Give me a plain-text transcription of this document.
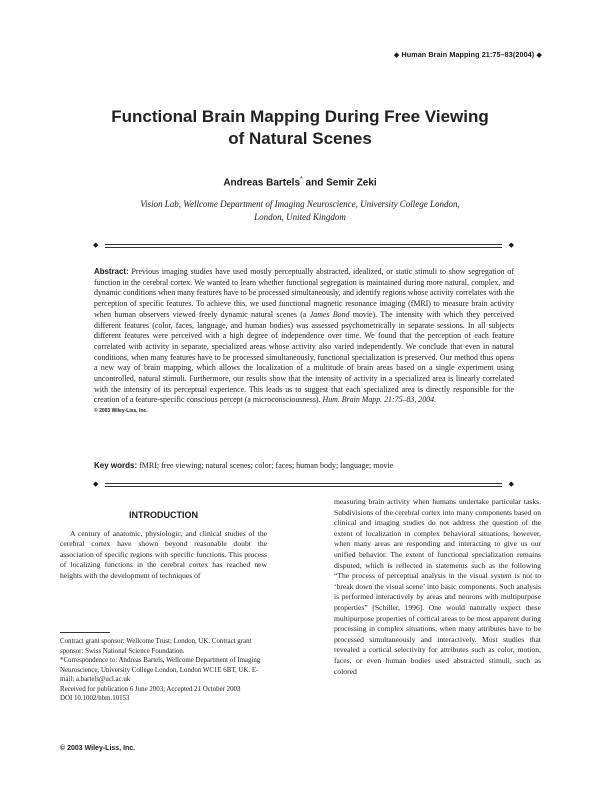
◆ Human Brain Mapping 21:75–83(2004) ◆
Functional Brain Mapping During Free Viewing
of Natural Scenes
Andreas Bartels* and Semir Zeki
Vision Lab, Wellcome Department of Imaging Neuroscience, University College London,
London, United Kingdom
◆	◆
Abstract: Previous imaging studies have used mostly perceptually abstracted, idealized, or static stimuli to show segregation of function in the cerebral cortex. We wanted to learn whether functional segregation is maintained during more natural, complex, and dynamic conditions when many features have to be processed simultaneously, and identify regions whose activity correlates with the perception of specific features. To achieve this, we used functional magnetic resonance imaging (fMRI) to measure brain activity when human observers viewed freely dynamic natural scenes (a James Bond movie). The intensity with which they perceived different features (color, faces, language, and human bodies) was assessed psychometrically in separate sessions. In all subjects different features were perceived with a high degree of independence over time. We found that the perception of each feature correlated with activity in separate, specialized areas whose activity also varied independently. We conclude that even in natural conditions, when many features have to be processed simultaneously, functional specialization is preserved. Our method thus opens a new way of brain mapping, which allows the localization of a multitude of brain areas based on a single experiment using uncontrolled, natural stimuli. Furthermore, our results show that the intensity of activity in a specialized area is linearly correlated with the intensity of its perceptual experience. This leads us to suggest that each specialized area is directly responsible for the creation of a feature-specific conscious percept (a microconsciousness). Hum. Brain Mapp. 21:75–83, 2004.
© 2003 Wiley-Liss, Inc.
Key words: fMRI; free viewing; natural scenes; color; faces; human body; language; movie
◆	◆
INTRODUCTION

A century of anatomic, physiologic, and clinical studies of the cerebral cortex have shown beyond reasonable doubt the association of specific regions with specific functions. This process of localizing functions in the cerebral cortex has reached new heights with the development of techniques of

measuring brain activity when humans undertake particular tasks. Subdivisions of the cerebral cortex into many components based on clinical and imaging studies do not address the question of the extent of localization in complex behavioral situations, however, when many areas are responding and interacting to give us our unified behavior. The extent of functional specialization remains disputed, which is reflected in statements such as the following “The process of perceptual analysis in the visual system is not to ‘break down the visual scene’ into basic components. Such analysis is performed interactively by areas and neurons with multipurpose properties” [Schiller, 1996]. One would naturally expect these multipurpose properties of cortical areas to be most apparent during processing in complex situations, when many attributes have to be processed simultaneously and interactively. Most studies that revealed a cortical selectivity for attributes such as color, motion, faces, or even human bodies used abstracted stimuli, such as colored

Contract grant sponsor: Wellcome Trust; London, UK. Contract grant sponsor: Swiss National Science Foundation.
*Correspondence to: Andreas Bartels, Wellcome Department of Imaging Neuroscience, University College London, London WC1E 6BT, UK. E-mail: a.bartels@ucl.ac.uk
Received for publication 6 June 2003; Accepted 21 October 2003
DOI 10.1002/hbm.10153
© 2003 Wiley-Liss, Inc.
